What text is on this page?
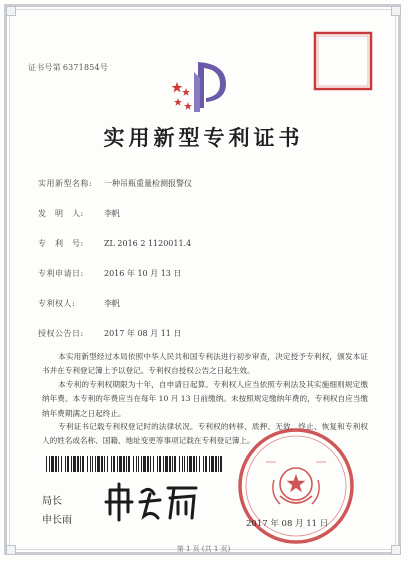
证书号第 6371854号
实用新型专利证书
实用新型名称: 一种吊瓶重量检测报警仪
发　明　人:	李帆
专　利　号:	ZL 2016 2 1120011.4
专利申请日:	2016 年 10 月 13 日
专利权人:	李帆
授权公告日:	2017 年 08 月 11 日
本实用新型经过本局依照中华人民共和国专利法进行初步审查，决定授予专利权，颁发本证书并在专利登记簿上予以登记。专利权自授权公告之日起生效。
本专利的专利权期限为十年，自申请日起算。专利权人应当依照专利法及其实施细则规定缴纳年费。本专利的年费应当在每年 10 月 13 日前缴纳。未按照规定缴纳年费的，专利权自应当缴纳年费期满之日起终止。
专利证书记载专利权登记时的法律状况。专利权的转移、质押、无效、终止、恢复和专利权人的姓名或名称、国籍、地址变更等事项记载在专利登记簿上。
局长
申长雨	2017 年 08 月 11 日
第 1 页 (共 1 页)
